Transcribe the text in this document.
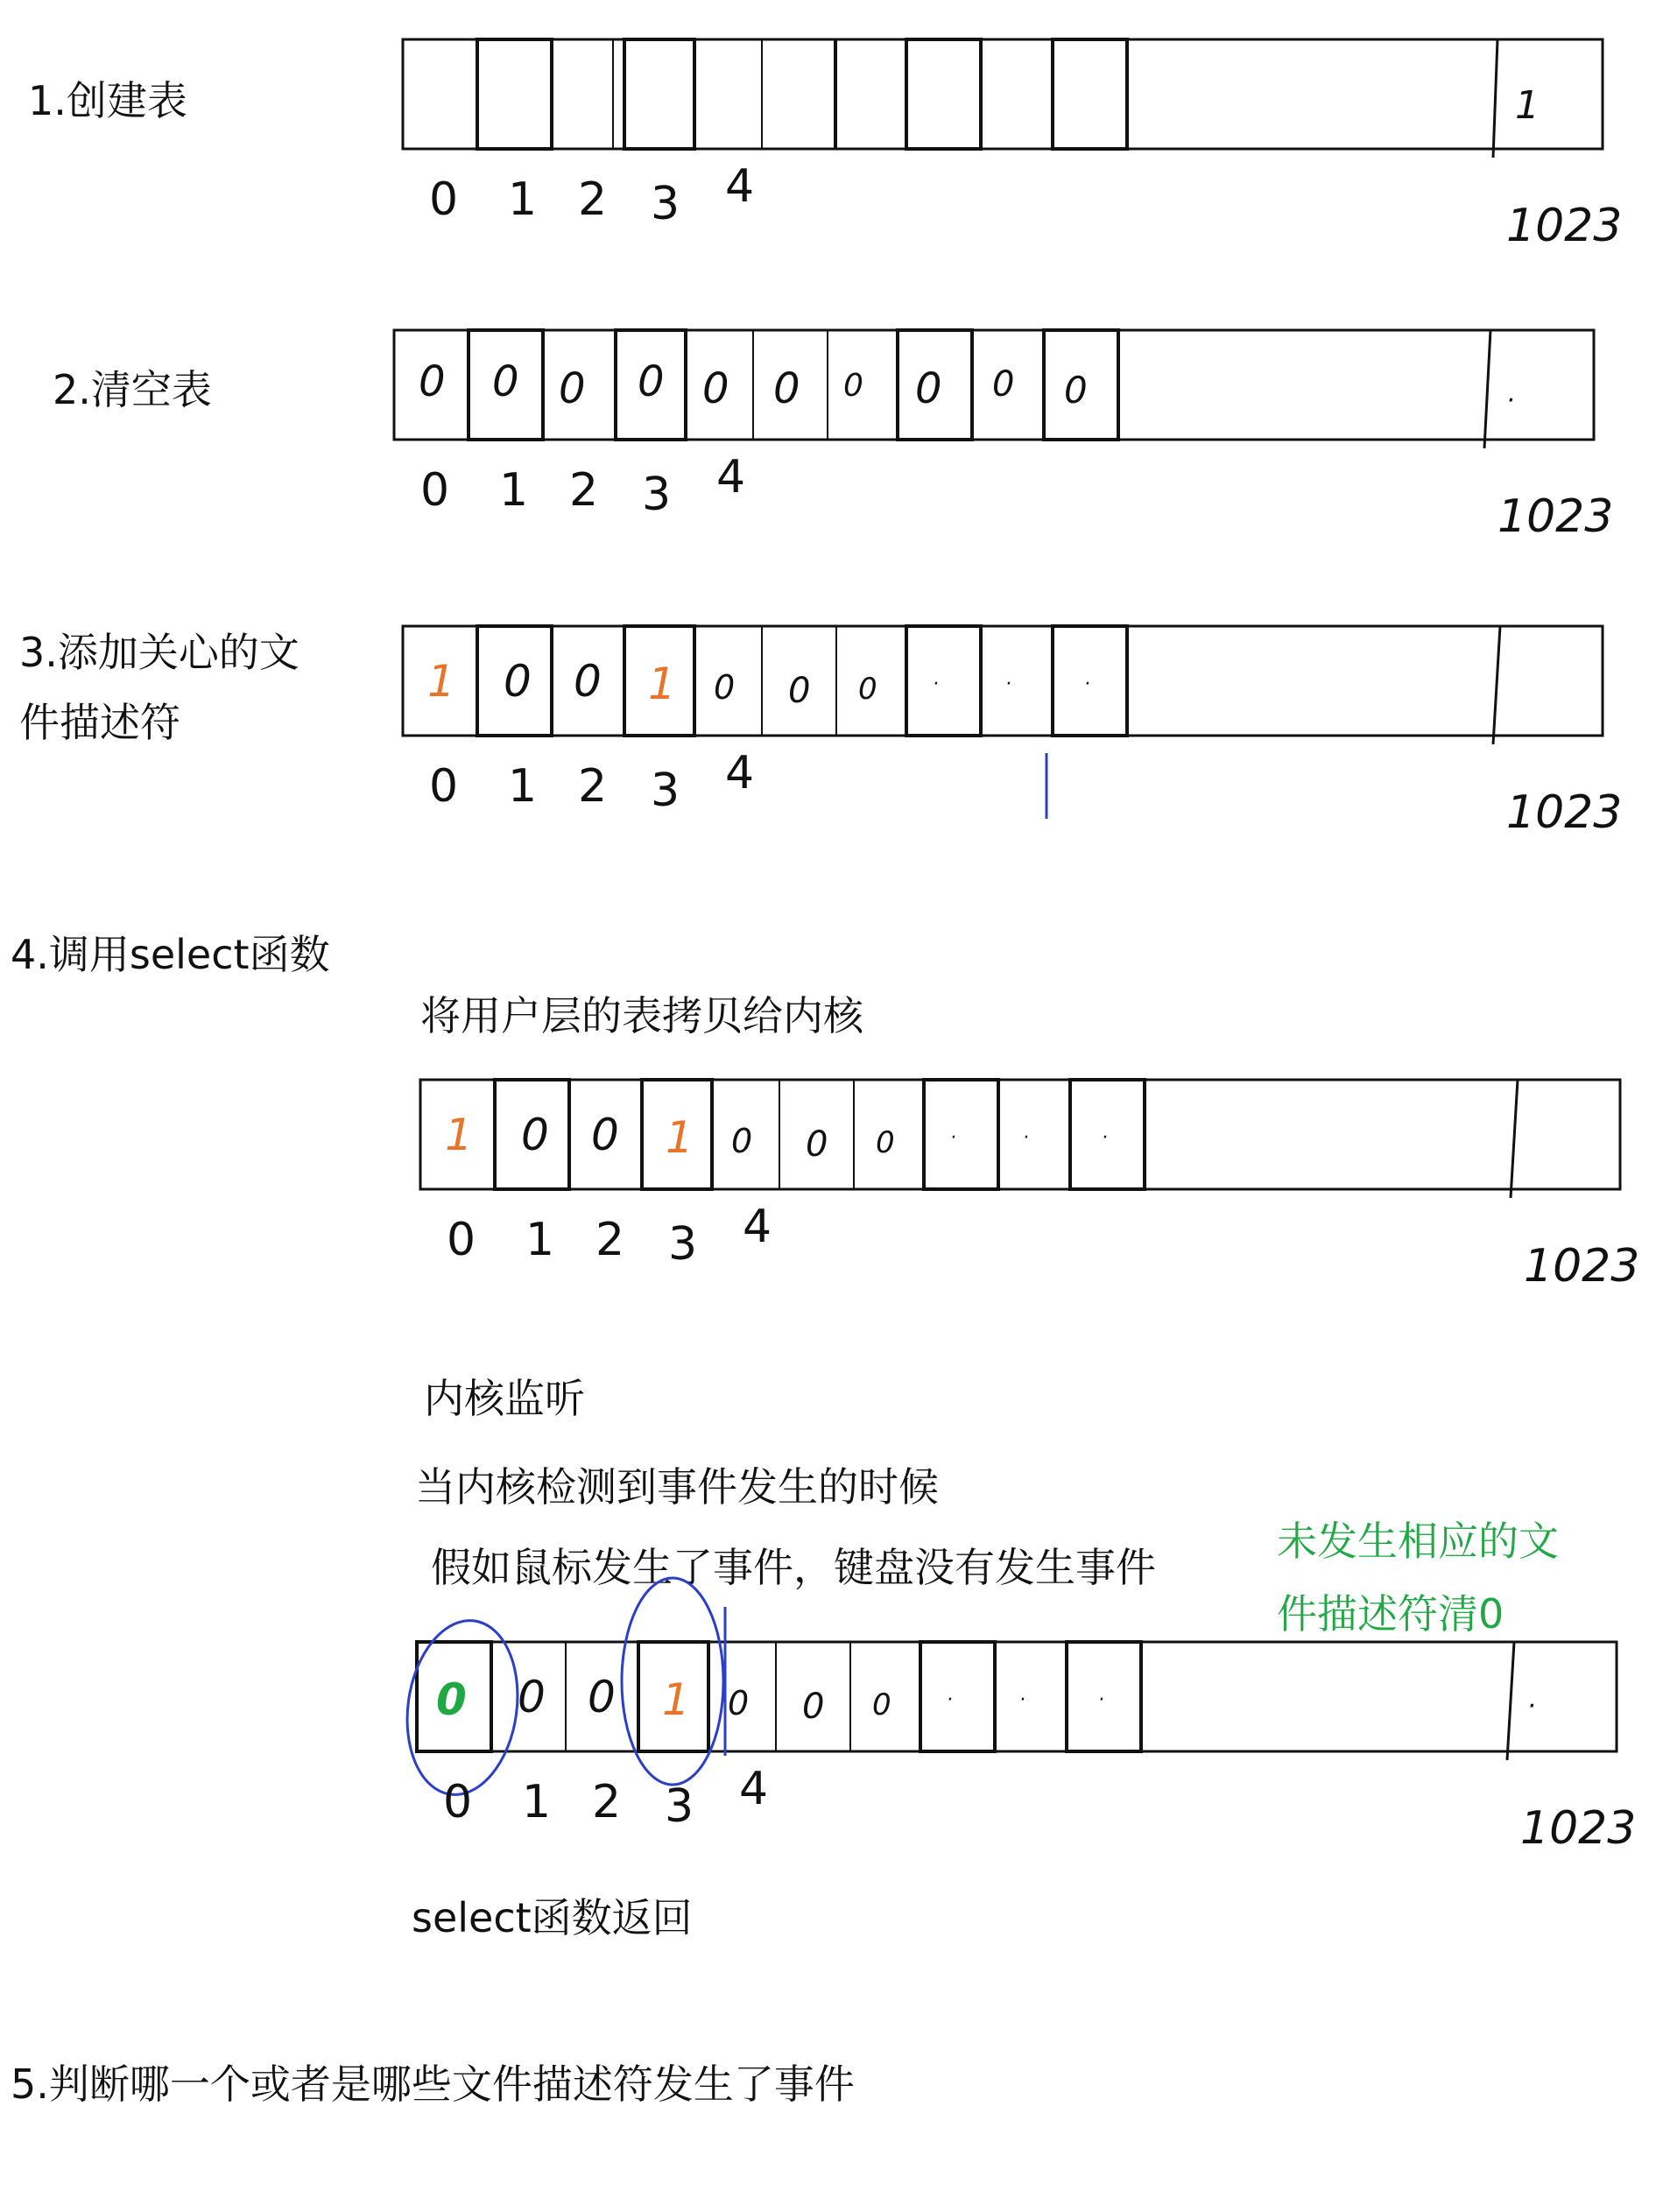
1.创建表
2.清空表
3.添加关心的文
件描述符
4.调用select函数
将用户层的表拷贝给内核
内核监听
当内核检测到事件发生的时候
假如鼠标发生了事件，键盘没有发生事件
未发生相应的文
件描述符清0
select函数返回
5.判断哪一个或者是哪些文件描述符发生了事件
1
0 1 2 3 4
1023
0 0 0 0 0 0 0 0 0 0	·
0 1 2 3 4
1023
1 0 0 1 0 0 0	·	·	·
0 1 2 3 4
1023
1 0 0 1 0 0 0	·	·	·
0 1 2 3 4
1023
0 0 0 1 0 0 0	·	·	·	·
0 1 2 3 4
1023
